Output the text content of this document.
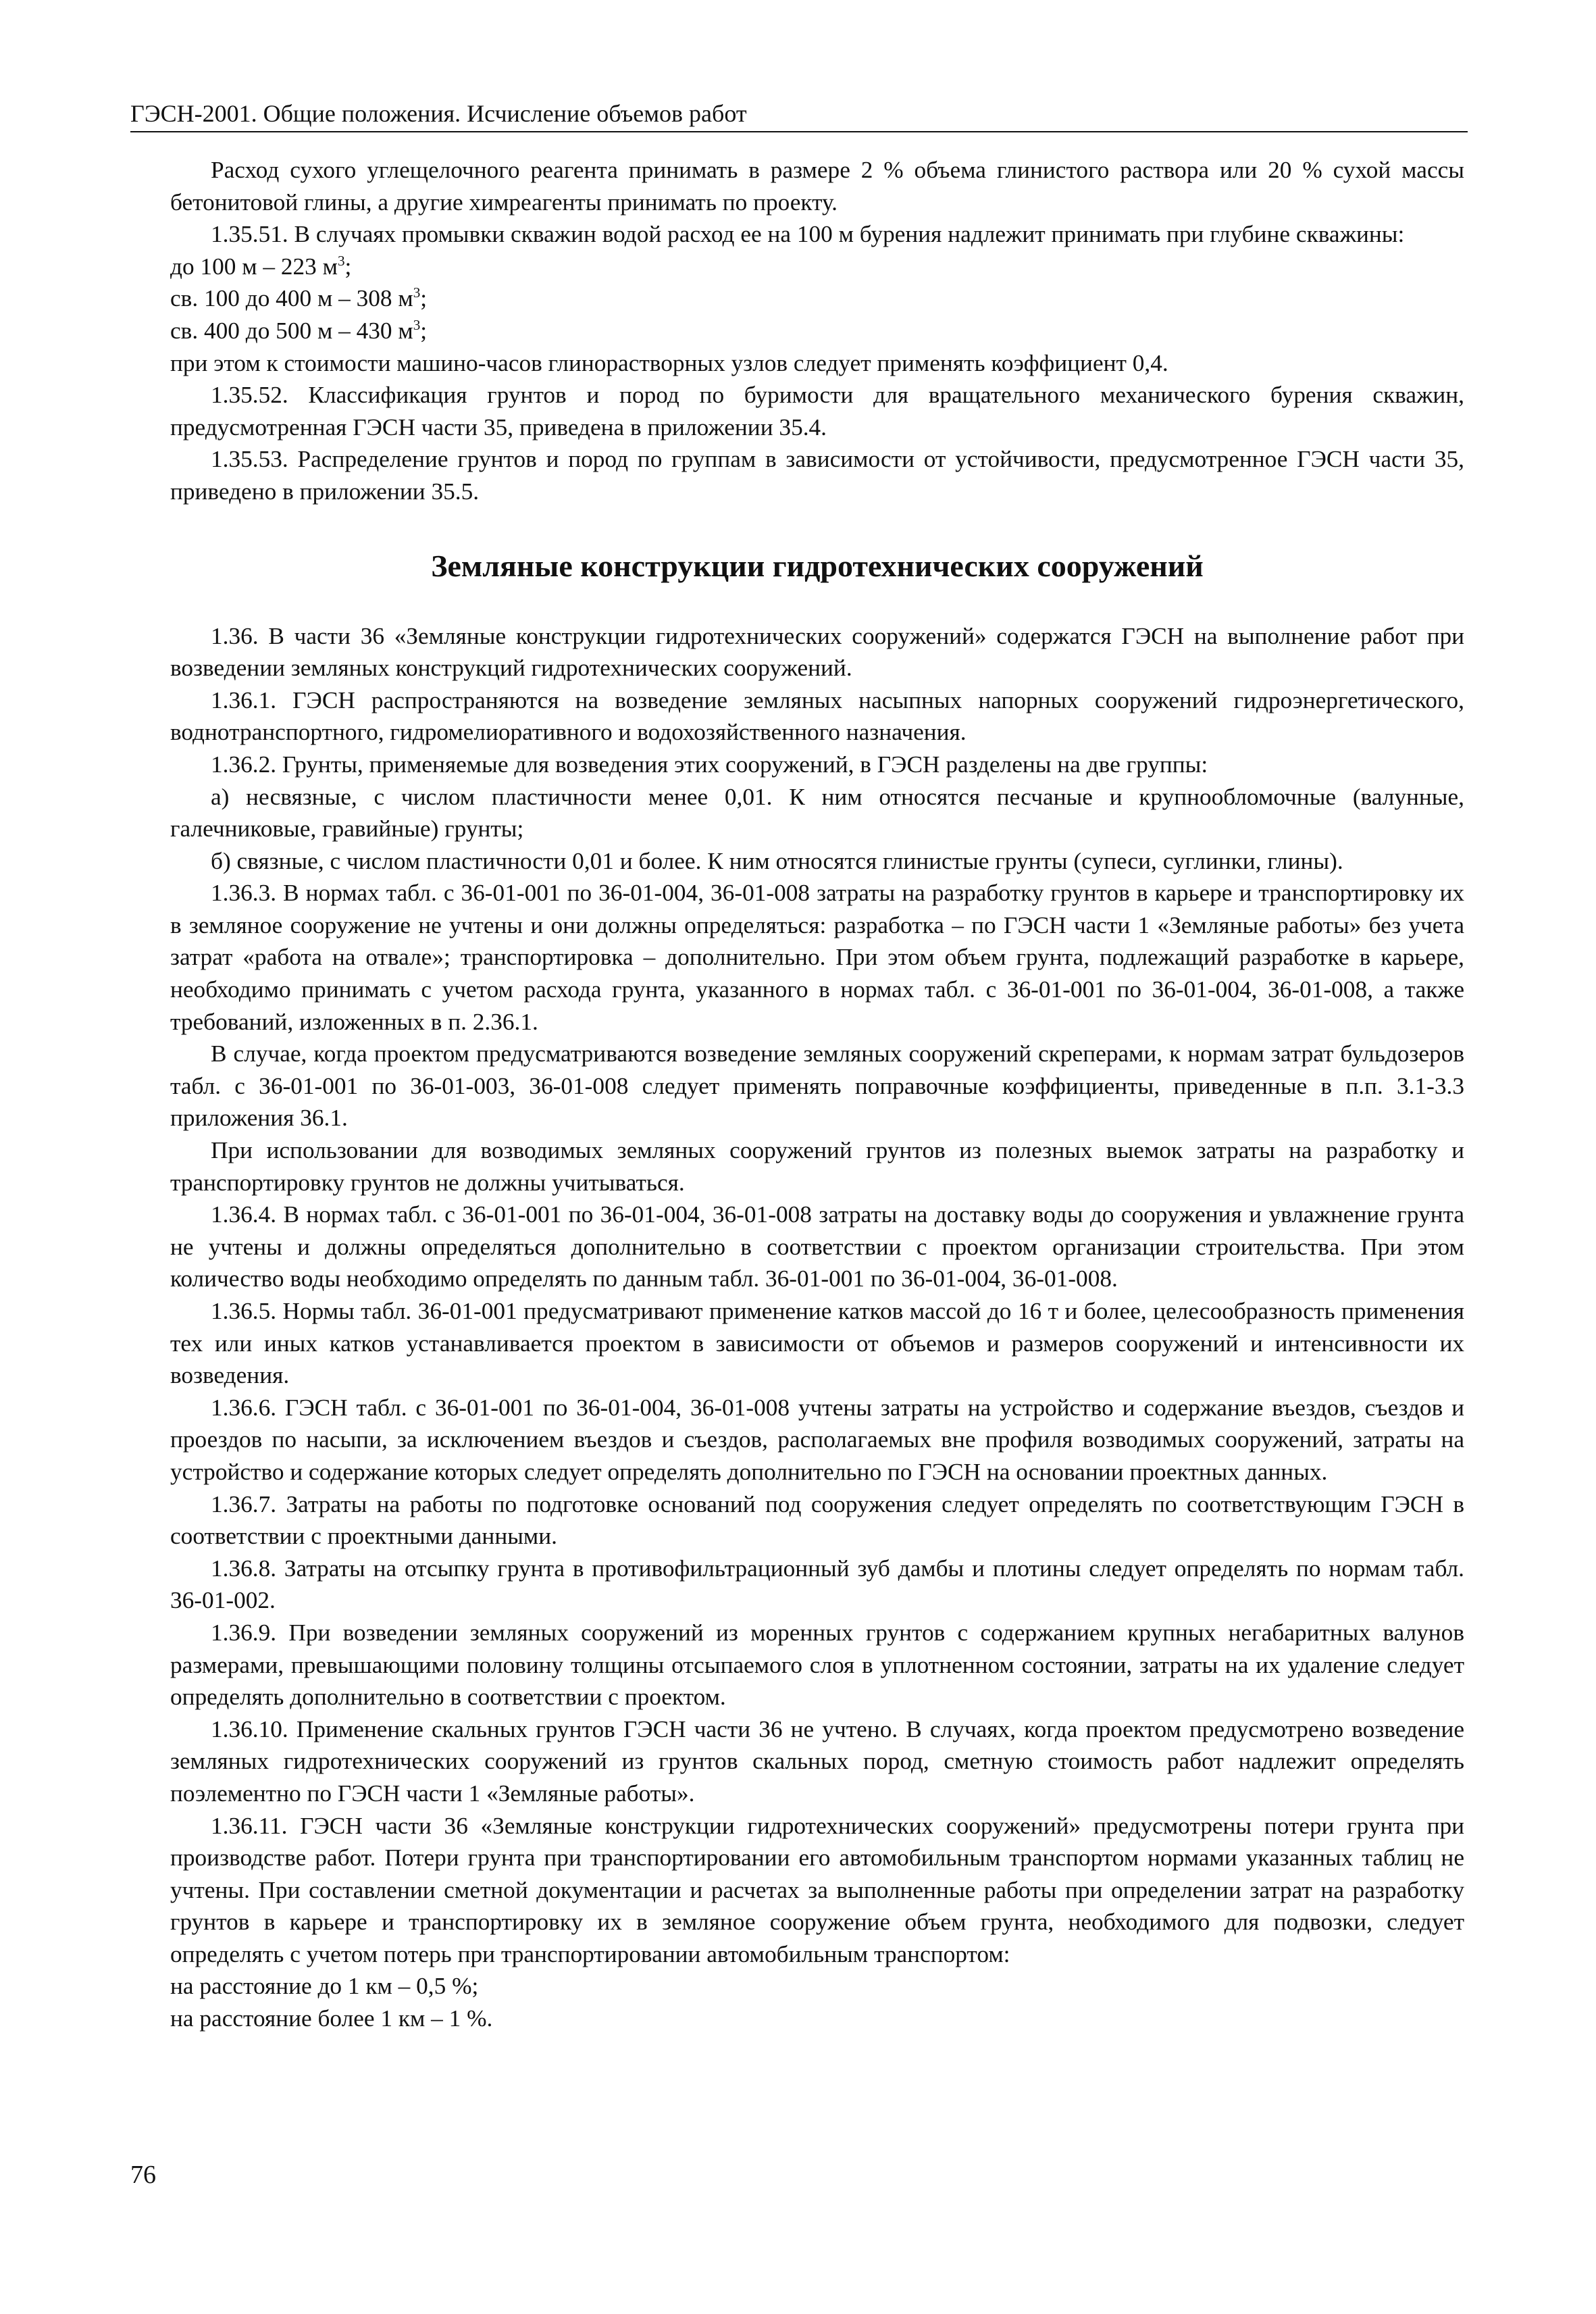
ГЭСН-2001. Общие положения. Исчисление объемов работ

Расход сухого углещелочного реагента принимать в размере 2 % объема глинистого раствора или 20 % сухой массы бетонитовой глины, а другие химреагенты принимать по проекту.

1.35.51. В случаях промывки скважин водой расход ее на 100 м бурения надлежит принимать при глубине скважины:

до 100 м – 223 $м^3$;

св. 100 до 400 м – 308 $м^3$;

св. 400 до 500 м – 430 $м^3$;

при этом к стоимости машино-часов глинорастворных узлов следует применять коэффициент 0,4.

1.35.52. Классификация грунтов и пород по буримости для вращательного механического бурения скважин, предусмотренная ГЭСН части 35, приведена в приложении 35.4.

1.35.53. Распределение грунтов и пород по группам в зависимости от устойчивости, предусмотренное ГЭСН части 35, приведено в приложении 35.5.

Земляные конструкции гидротехнических сооружений

1.36. В части 36 «Земляные конструкции гидротехнических сооружений» содержатся ГЭСН на выполнение работ при возведении земляных конструкций гидротехнических сооружений.

1.36.1. ГЭСН распространяются на возведение земляных насыпных напорных сооружений гидроэнергетического, воднотранспортного, гидромелиоративного и водохозяйственного назначения.

1.36.2. Грунты, применяемые для возведения этих сооружений, в ГЭСН разделены на две группы:

а) несвязные, с числом пластичности менее 0,01. К ним относятся песчаные и крупнообломочные (валунные, галечниковые, гравийные) грунты;

б) связные, с числом пластичности 0,01 и более. К ним относятся глинистые грунты (супеси, суглинки, глины).

1.36.3. В нормах табл. с 36-01-001 по 36-01-004, 36-01-008 затраты на разработку грунтов в карьере и транспортировку их в земляное сооружение не учтены и они должны определяться: разработка – по ГЭСН части 1 «Земляные работы» без учета затрат «работа на отвале»; транспортировка – дополнительно. При этом объем грунта, подлежащий разработке в карьере, необходимо принимать с учетом расхода грунта, указанного в нормах табл. с 36-01-001 по 36-01-004, 36-01-008, а также требований, изложенных в п. 2.36.1.

В случае, когда проектом предусматриваются возведение земляных сооружений скреперами, к нормам затрат бульдозеров табл. с 36-01-001 по 36-01-003, 36-01-008 следует применять поправочные коэффициенты, приведенные в п.п. 3.1-3.3 приложения 36.1.

При использовании для возводимых земляных сооружений грунтов из полезных выемок затраты на разработку и транспортировку грунтов не должны учитываться.

1.36.4. В нормах табл. с 36-01-001 по 36-01-004, 36-01-008 затраты на доставку воды до сооружения и увлажнение грунта не учтены и должны определяться дополнительно в соответствии с проектом организации строительства. При этом количество воды необходимо определять по данным табл. 36-01-001 по 36-01-004, 36-01-008.

1.36.5. Нормы табл. 36-01-001 предусматривают применение катков массой до 16 т и более, целесообразность применения тех или иных катков устанавливается проектом в зависимости от объемов и размеров сооружений и интенсивности их возведения.

1.36.6. ГЭСН табл. с 36-01-001 по 36-01-004, 36-01-008 учтены затраты на устройство и содержание въездов, съездов и проездов по насыпи, за исключением въездов и съездов, располагаемых вне профиля возводимых сооружений, затраты на устройство и содержание которых следует определять дополнительно по ГЭСН на основании проектных данных.

1.36.7. Затраты на работы по подготовке оснований под сооружения следует определять по соответствующим ГЭСН в соответствии с проектными данными.

1.36.8. Затраты на отсыпку грунта в противофильтрационный зуб дамбы и плотины следует определять по нормам табл. 36-01-002.

1.36.9. При возведении земляных сооружений из моренных грунтов с содержанием крупных негабаритных валунов размерами, превышающими половину толщины отсыпаемого слоя в уплотненном состоянии, затраты на их удаление следует определять дополнительно в соответствии с проектом.

1.36.10. Применение скальных грунтов ГЭСН части 36 не учтено. В случаях, когда проектом предусмотрено возведение земляных гидротехнических сооружений из грунтов скальных пород, сметную стоимость работ надлежит определять поэлементно по ГЭСН части 1 «Земляные работы».

1.36.11. ГЭСН части 36 «Земляные конструкции гидротехнических сооружений» предусмотрены потери грунта при производстве работ. Потери грунта при транспортировании его автомобильным транспортом нормами указанных таблиц не учтены. При составлении сметной документации и расчетах за выполненные работы при определении затрат на разработку грунтов в карьере и транспортировку их в земляное сооружение объем грунта, необходимого для подвозки, следует определять с учетом потерь при транспортировании автомобильным транспортом:

на расстояние до 1 км – 0,5 %;

на расстояние более 1 км – 1 %.

76
